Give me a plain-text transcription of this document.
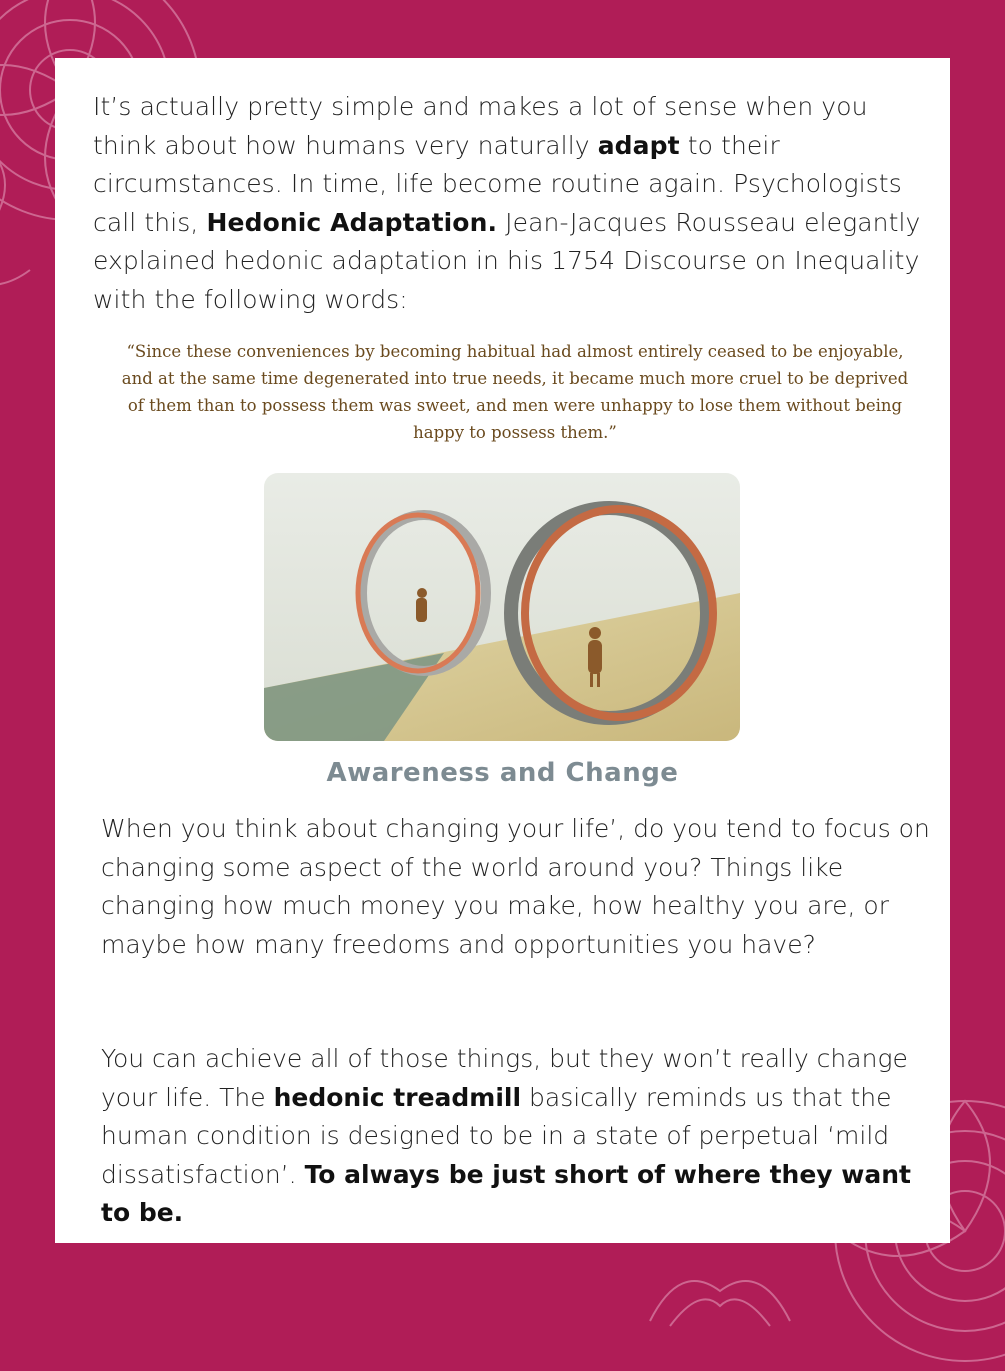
It’s actually pretty simple and makes a lot of sense when you think about how humans very naturally adapt to their circumstances. In time, life become routine again. Psychologists call this, Hedonic Adaptation. Jean-Jacques Rousseau elegantly explained hedonic adaptation in his 1754 Discourse on Inequality with the following words:

“Since these conveniences by becoming habitual had almost entirely ceased to be enjoyable, and at the same time degenerated into true needs, it became much more cruel to be deprived of them than to possess them was sweet, and men were unhappy to lose them without being happy to possess them.”

Awareness and Change

When you think about changing your life’, do you tend to focus on changing some aspect of the world around you? Things like changing how much money you make, how healthy you are, or maybe how many freedoms and opportunities you have?

You can achieve all of those things, but they won’t really change your life. The hedonic treadmill basically reminds us that the human condition is designed to be in a state of perpetual ‘mild dissatisfaction’. To always be just short of where they want to be.
